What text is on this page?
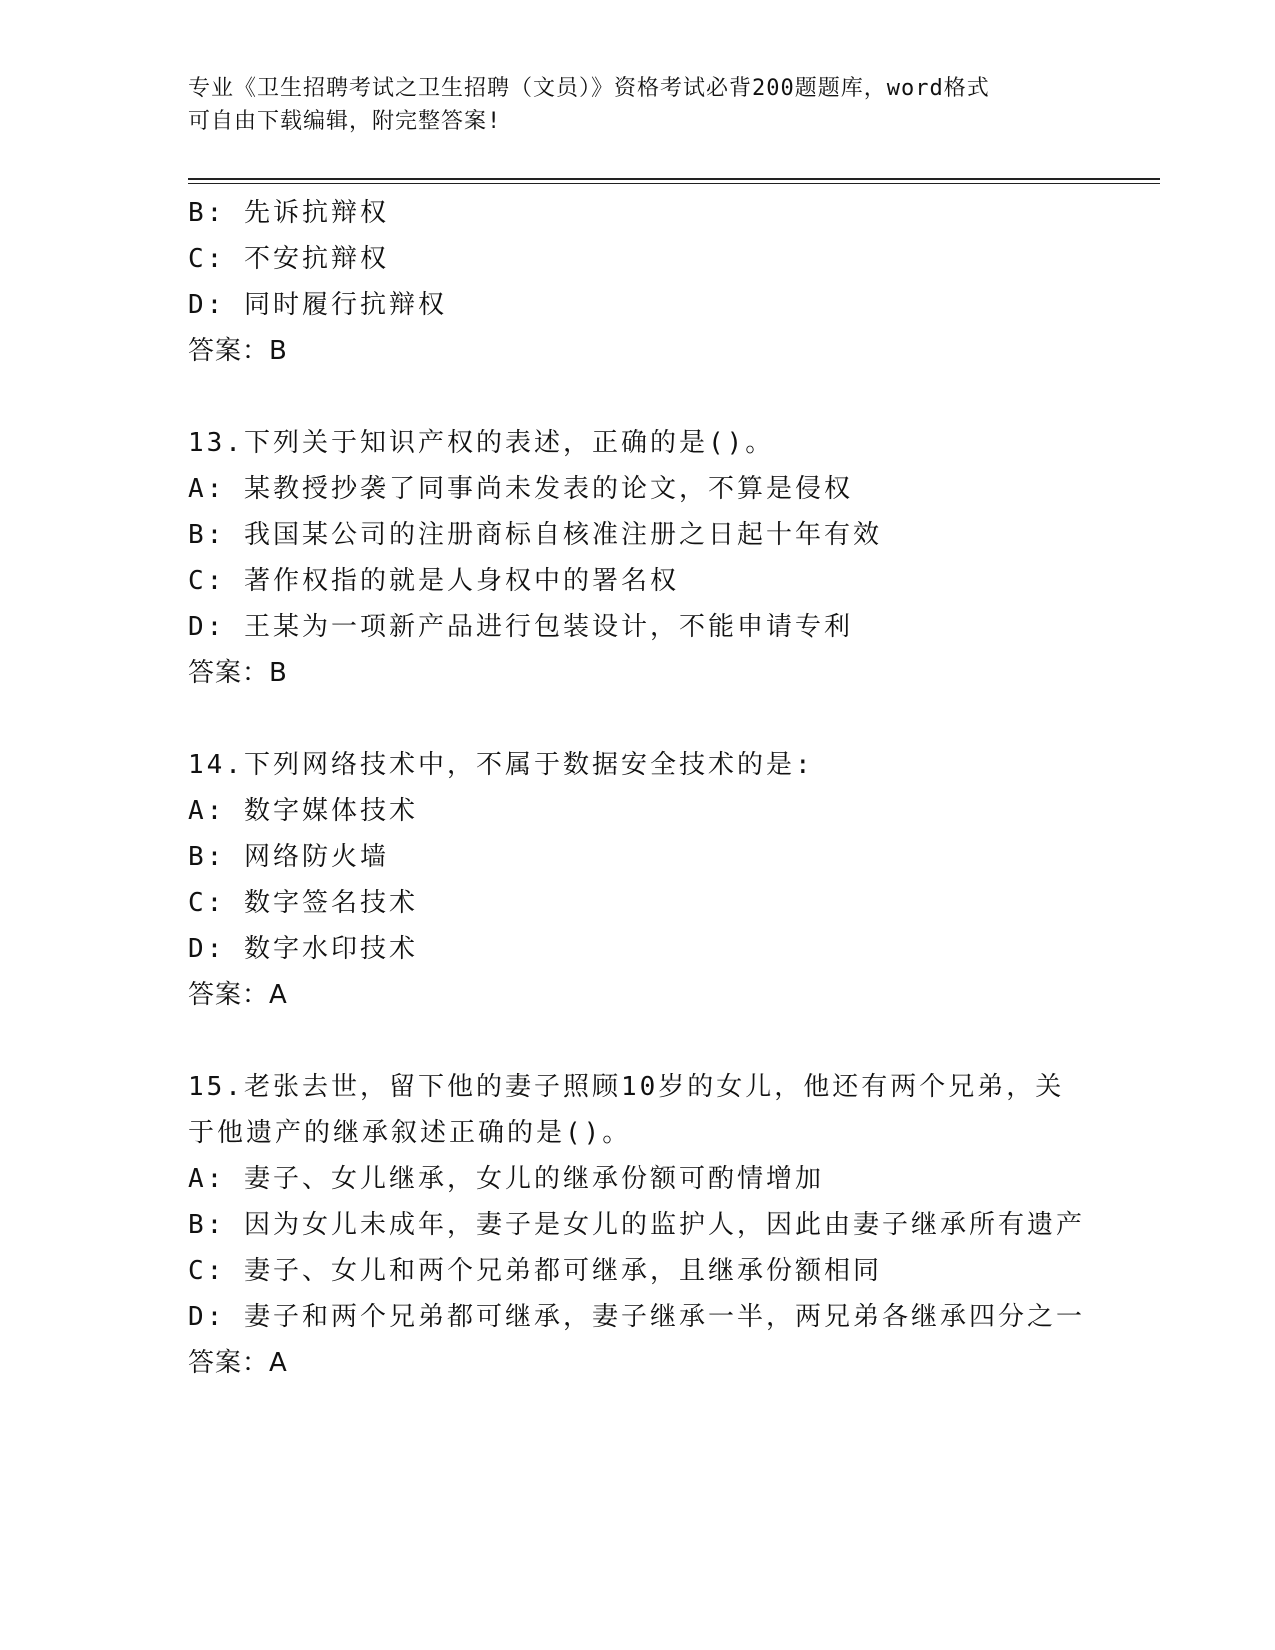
专业《卫生招聘考试之卫生招聘（文员）》资格考试必背200题题库，word格式
可自由下载编辑，附完整答案!
B: 先诉抗辩权
C: 不安抗辩权
D: 同时履行抗辩权
答案：B
13.下列关于知识产权的表述，正确的是()。
A: 某教授抄袭了同事尚未发表的论文，不算是侵权
B: 我国某公司的注册商标自核准注册之日起十年有效
C: 著作权指的就是人身权中的署名权
D: 王某为一项新产品进行包装设计，不能申请专利
答案：B
14.下列网络技术中，不属于数据安全技术的是:
A: 数字媒体技术
B: 网络防火墙
C: 数字签名技术
D: 数字水印技术
答案：A
15.老张去世，留下他的妻子照顾10岁的女儿，他还有两个兄弟，关
于他遗产的继承叙述正确的是()。
A: 妻子、女儿继承，女儿的继承份额可酌情增加
B: 因为女儿未成年，妻子是女儿的监护人，因此由妻子继承所有遗产
C: 妻子、女儿和两个兄弟都可继承，且继承份额相同
D: 妻子和两个兄弟都可继承，妻子继承一半，两兄弟各继承四分之一
答案：A
